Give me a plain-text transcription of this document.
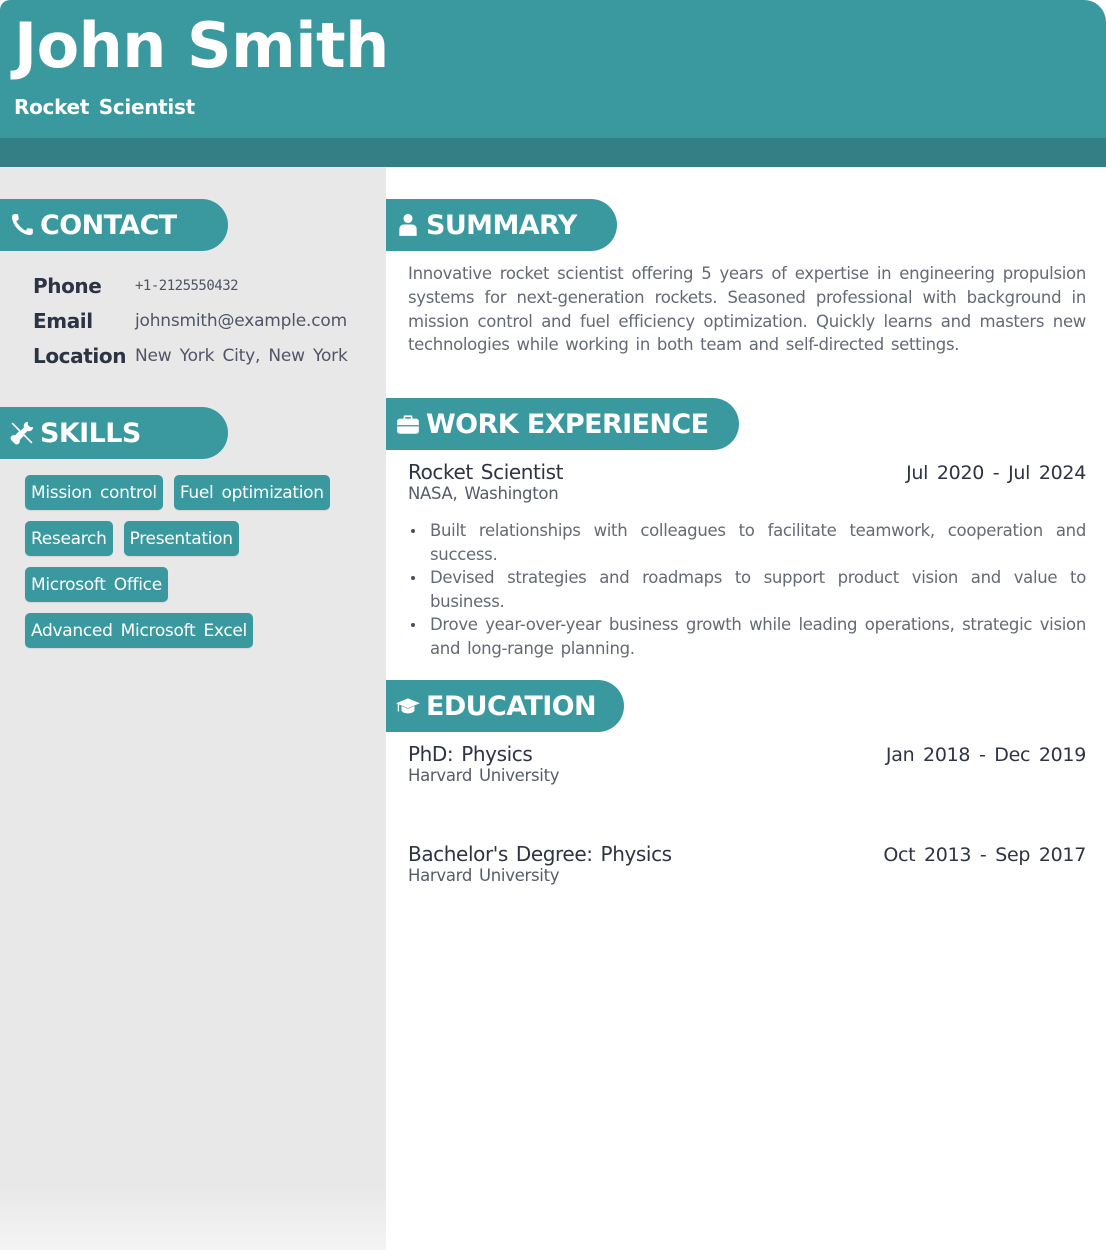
John Smith
Rocket Scientist
CONTACT
Phone	+1-2125550432
Email	johnsmith@example.com
Location New York City, New York
SKILLS
Mission control	Fuel optimization
Research	Presentation
Microsoft Office
Advanced Microsoft Excel
SUMMARY

Innovative rocket scientist offering 5 years of expertise in engineering propulsion systems for next-generation rockets. Seasoned professional with background in mission control and fuel efficiency optimization. Quickly learns and masters new technologies while working in both team and self-directed settings.

WORK EXPERIENCE
Rocket Scientist	Jul 2020 - Jul 2024
NASA, Washington
Built relationships with colleagues to facilitate teamwork, cooperation and success.
Devised strategies and roadmaps to support product vision and value to business.
Drove year-over-year business growth while leading operations, strategic vision and long-range planning.
EDUCATION
PhD: Physics	Jan 2018 - Dec 2019
Harvard University
Bachelor's Degree: Physics	Oct 2013 - Sep 2017
Harvard University
